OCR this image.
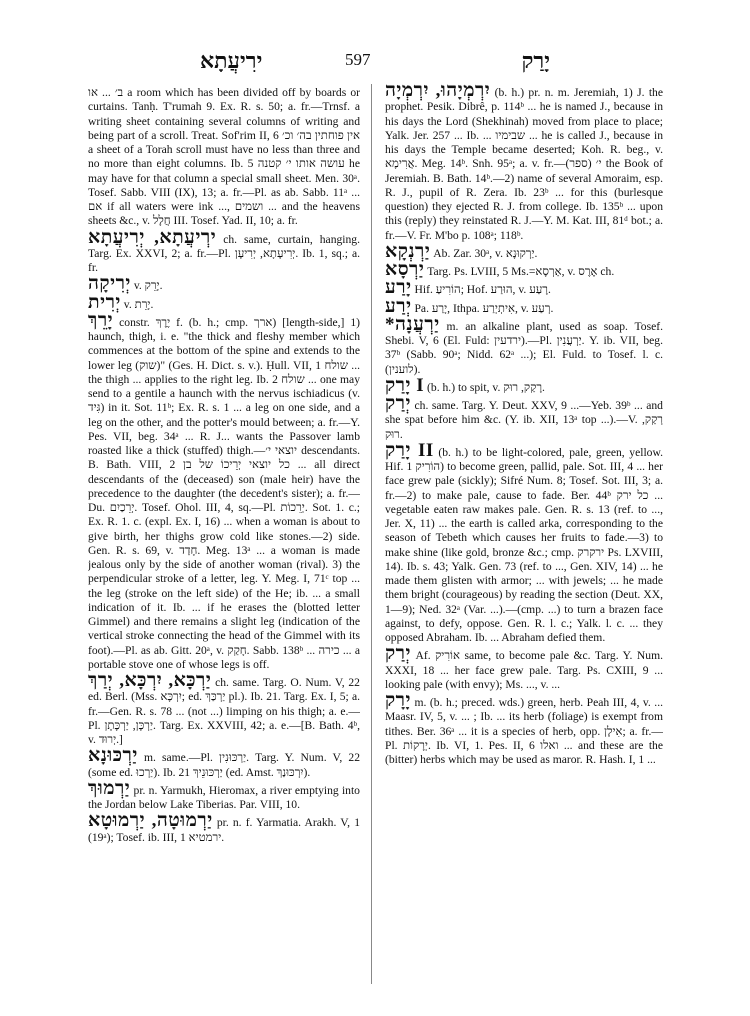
ירִיעֲתָא	597	יָרַק

ב׳ ... או a room which has been divided off by boards or curtains. Tanḥ. T'rumah 9. Ex. R. s. 50; a. fr.—Trnsf. a writing sheet containing several columns of writing and being part of a scroll. Treat. Sof'rim II, 6 אין פוחתין בה׳ וכ׳ a sheet of a Torah scroll must have no less than three and no more than eight columns. Ib. 5 עושה אותו י׳ קטנה he may have for that column a special small sheet. Men. 30ᵃ. Tosef. Sabb. VIII (IX), 13; a. fr.—Pl. as ab. Sabb. 11ᵃ ... אם if all waters were ink ..., ושמים ... and the heavens sheets &c., v. חֲלָל III. Tosef. Yad. II, 10; a. fr.

ירְיעֲתָא, יְרִיעֲתָא ch. same, curtain, hanging. Targ. Ex. XXVI, 2; a. fr.—Pl. יְרִיעָתָא, יְרִיעָן. Ib. 1, sq.; a. fr.

יְרִיקָה v. יָרֵק.

יְרִית v. יָרֵת.

יָרֵךְ constr. יֶרֶךְ f. (b. h.; cmp. ארך) [length-side,] 1) haunch, thigh, i. e. "the thick and fleshy member which commences at the bottom of the spine and extends to the lower leg (שוק)" (Ges. H. Dict. s. v.). Ḥull. VII, 1 שולח ... the thigh ... applies to the right leg. Ib. 2 שולח ... one may send to a gentile a haunch with the nervus ischiadicus (v. גִּיד) in it. Sot. 11ᵇ; Ex. R. s. 1 ... a leg on one side, and a leg on the other, and the potter's mould between; a. fr.—Y. Pes. VII, beg. 34ᵃ ... R. J... wants the Passover lamb roasted like a thick (stuffed) thigh.—יוצאי י׳ descendants. B. Bath. VIII, 2 כל יוצאי יְרֵיכוֹ של בן ... all direct descendants of the (deceased) son (male heir) have the precedence to the daughter (the decedent's sister); a. fr.—Du. יְרֵכַיִם. Tosef. Ohol. III, 4, sq.—Pl. יְרֵכוֹת. Sot. 1. c.; Ex. R. 1. c. (expl. Ex. I, 16) ... when a woman is about to give birth, her thighs grow cold like stones.—2) side. Gen. R. s. 69, v. חָדַד. Meg. 13ᵃ ... a woman is made jealous only by the side of another woman (rival). 3) the perpendicular stroke of a letter, leg. Y. Meg. I, 71ᶜ top ... the leg (stroke on the left side) of the He; ib. ... a small indication of it. Ib. ... if he erases the (blotted letter Gimmel) and there remains a slight leg (indication of the vertical stroke connecting the head of the Gimmel with its foot).—Pl. as ab. Gitt. 20ᵃ, v. חָקַק. Sabb. 138ᵇ ... כירה ... a portable stove one of whose legs is off.

יַרְכָּא, יִרְכָּא, יְרַךְ ch. same. Targ. O. Num. V, 22 ed. Berl. (Mss. יִרְכָּא; ed. יַרְכַּךְ pl.). Ib. 21. Targ. Ex. I, 5; a. fr.—Gen. R. s. 78 ... (not ...) limping on his thigh; a. e.—Pl. יַרְכָּן, יַרְכָּתָן. Targ. Ex. XXVIII, 42; a. e.—[B. Bath. 4ᵇ, v. יְרוּד.]

יַרְכּוּנָא m. same.—Pl. יַרְכּוּנִין. Targ. Y. Num. V, 22 (some ed. יַרְכוּ). Ib. 21 יַרְכּוּנֵיךְ (ed. Amst. יִרְכּוּנַךְ).

יַרְמוּךְ pr. n. Yarmukh, Hieromax, a river emptying into the Jordan below Lake Tiberias. Par. VIII, 10.

יַרְמוּטָה, יַרְמוּטָא pr. n. f. Yarmatia. Arakh. V, 1 (19ᵃ); Tosef. ib. III, 1 ירמטיא.

יִרְמְיָהוּ, יִרְמְיָה (b. h.) pr. n. m. Jeremiah, 1) J. the prophet. Pesik. Dibrê, p. 114ᵇ ... he is named J., because in his days the Lord (Shekhinah) moved from place to place; Yalk. Jer. 257 ... Ib. ... שבימיו ... he is called J., because in his days the Temple became deserted; Koh. R. beg., v. אֲרִימָא. Meg. 14ᵇ. Snh. 95ᵃ; a. v. fr.—(ספר) י׳ the Book of Jeremiah. B. Bath. 14ᵇ.—2) name of several Amoraim, esp. R. J., pupil of R. Zera. Ib. 23ᵇ ... for this (burlesque question) they ejected R. J. from college. Ib. 135ᵇ ... upon this (reply) they reinstated R. J.—Y. M. Kat. III, 81ᵈ bot.; a. fr.—V. Fr. M'bo p. 108ᵃ; 118ᵇ.

יַרְנְקָא Ab. Zar. 30ᵃ, v. יַרְקוּנָא.

יַרְסָא Targ. Ps. LVIII, 5 Ms.=אַרְסָא, v. אֶרֶס ch.

יָרַע Hif. הוֹרִיעַ; Hof. הוּרַע, v. רָעַע.

יְרַע Pa. יָרַע, Ithpa. אִיתְיְרַע, v. רְעַע.

*יַרְעֲנָה m. an alkaline plant, used as soap. Tosef. Shebi. V, 6 (El. Fuld: ירדעין).—Pl. יַרְעֲנִין. Y. ib. VII, beg. 37ᵇ (Sabb. 90ᵃ; Nidd. 62ᵃ ...); El. Fuld. to Tosef. l. c. (לוענין).

יָרַק I (b. h.) to spit, v. רָקַק, רוּק.

יְרַק ch. same. Targ. Y. Deut. XXV, 9 ...—Yeb. 39ᵇ ... and she spat before him &c. (Y. ib. XII, 13ᵃ top ...).—V. רְקַק, רוּק.

יָרַק II (b. h.) to be light-colored, pale, green, yellow. Hif. הוֹרִיק 1) to become green, pallid, pale. Sot. III, 4 ... her face grew pale (sickly); Sifré Num. 8; Tosef. Sot. III, 3; a. fr.—2) to make pale, cause to fade. Ber. 44ᵇ כל ירק ... vegetable eaten raw makes pale. Gen. R. s. 13 (ref. to ..., Jer. X, 11) ... the earth is called arka, corresponding to the season of Tebeth which causes her fruits to fade.—3) to make shine (like gold, bronze &c.; cmp. ירקרק Ps. LXVIII, 14). Ib. s. 43; Yalk. Gen. 73 (ref. to ..., Gen. XIV, 14) ... he made them glisten with armor; ... with jewels; ... he made them bright (courageous) by reading the section (Deut. XX, 1—9); Ned. 32ᵃ (Var. ...).—(cmp. ...) to turn a brazen face against, to defy, oppose. Gen. R. l. c.; Yalk. l. c. ... they opposed Abraham. Ib. ... Abraham defied them.

יְרַק Af. אוֹרִיק same, to become pale &c. Targ. Y. Num. XXXI, 18 ... her face grew pale. Targ. Ps. CXIII, 9 ... looking pale (with envy); Ms. ..., v. ...

יָרָק m. (b. h.; preced. wds.) green, herb. Peah III, 4, v. ... Maasr. IV, 5, v. ... ; Ib. ... its herb (foliage) is exempt from tithes. Ber. 36ᵃ ... it is a species of herb, opp. אִילָן; a. fr.—Pl. יְרָקוֹת. Ib. VI, 1. Pes. II, 6 ואלו ... and these are the (bitter) herbs which may be used as maror. R. Hash. I, 1 ...
